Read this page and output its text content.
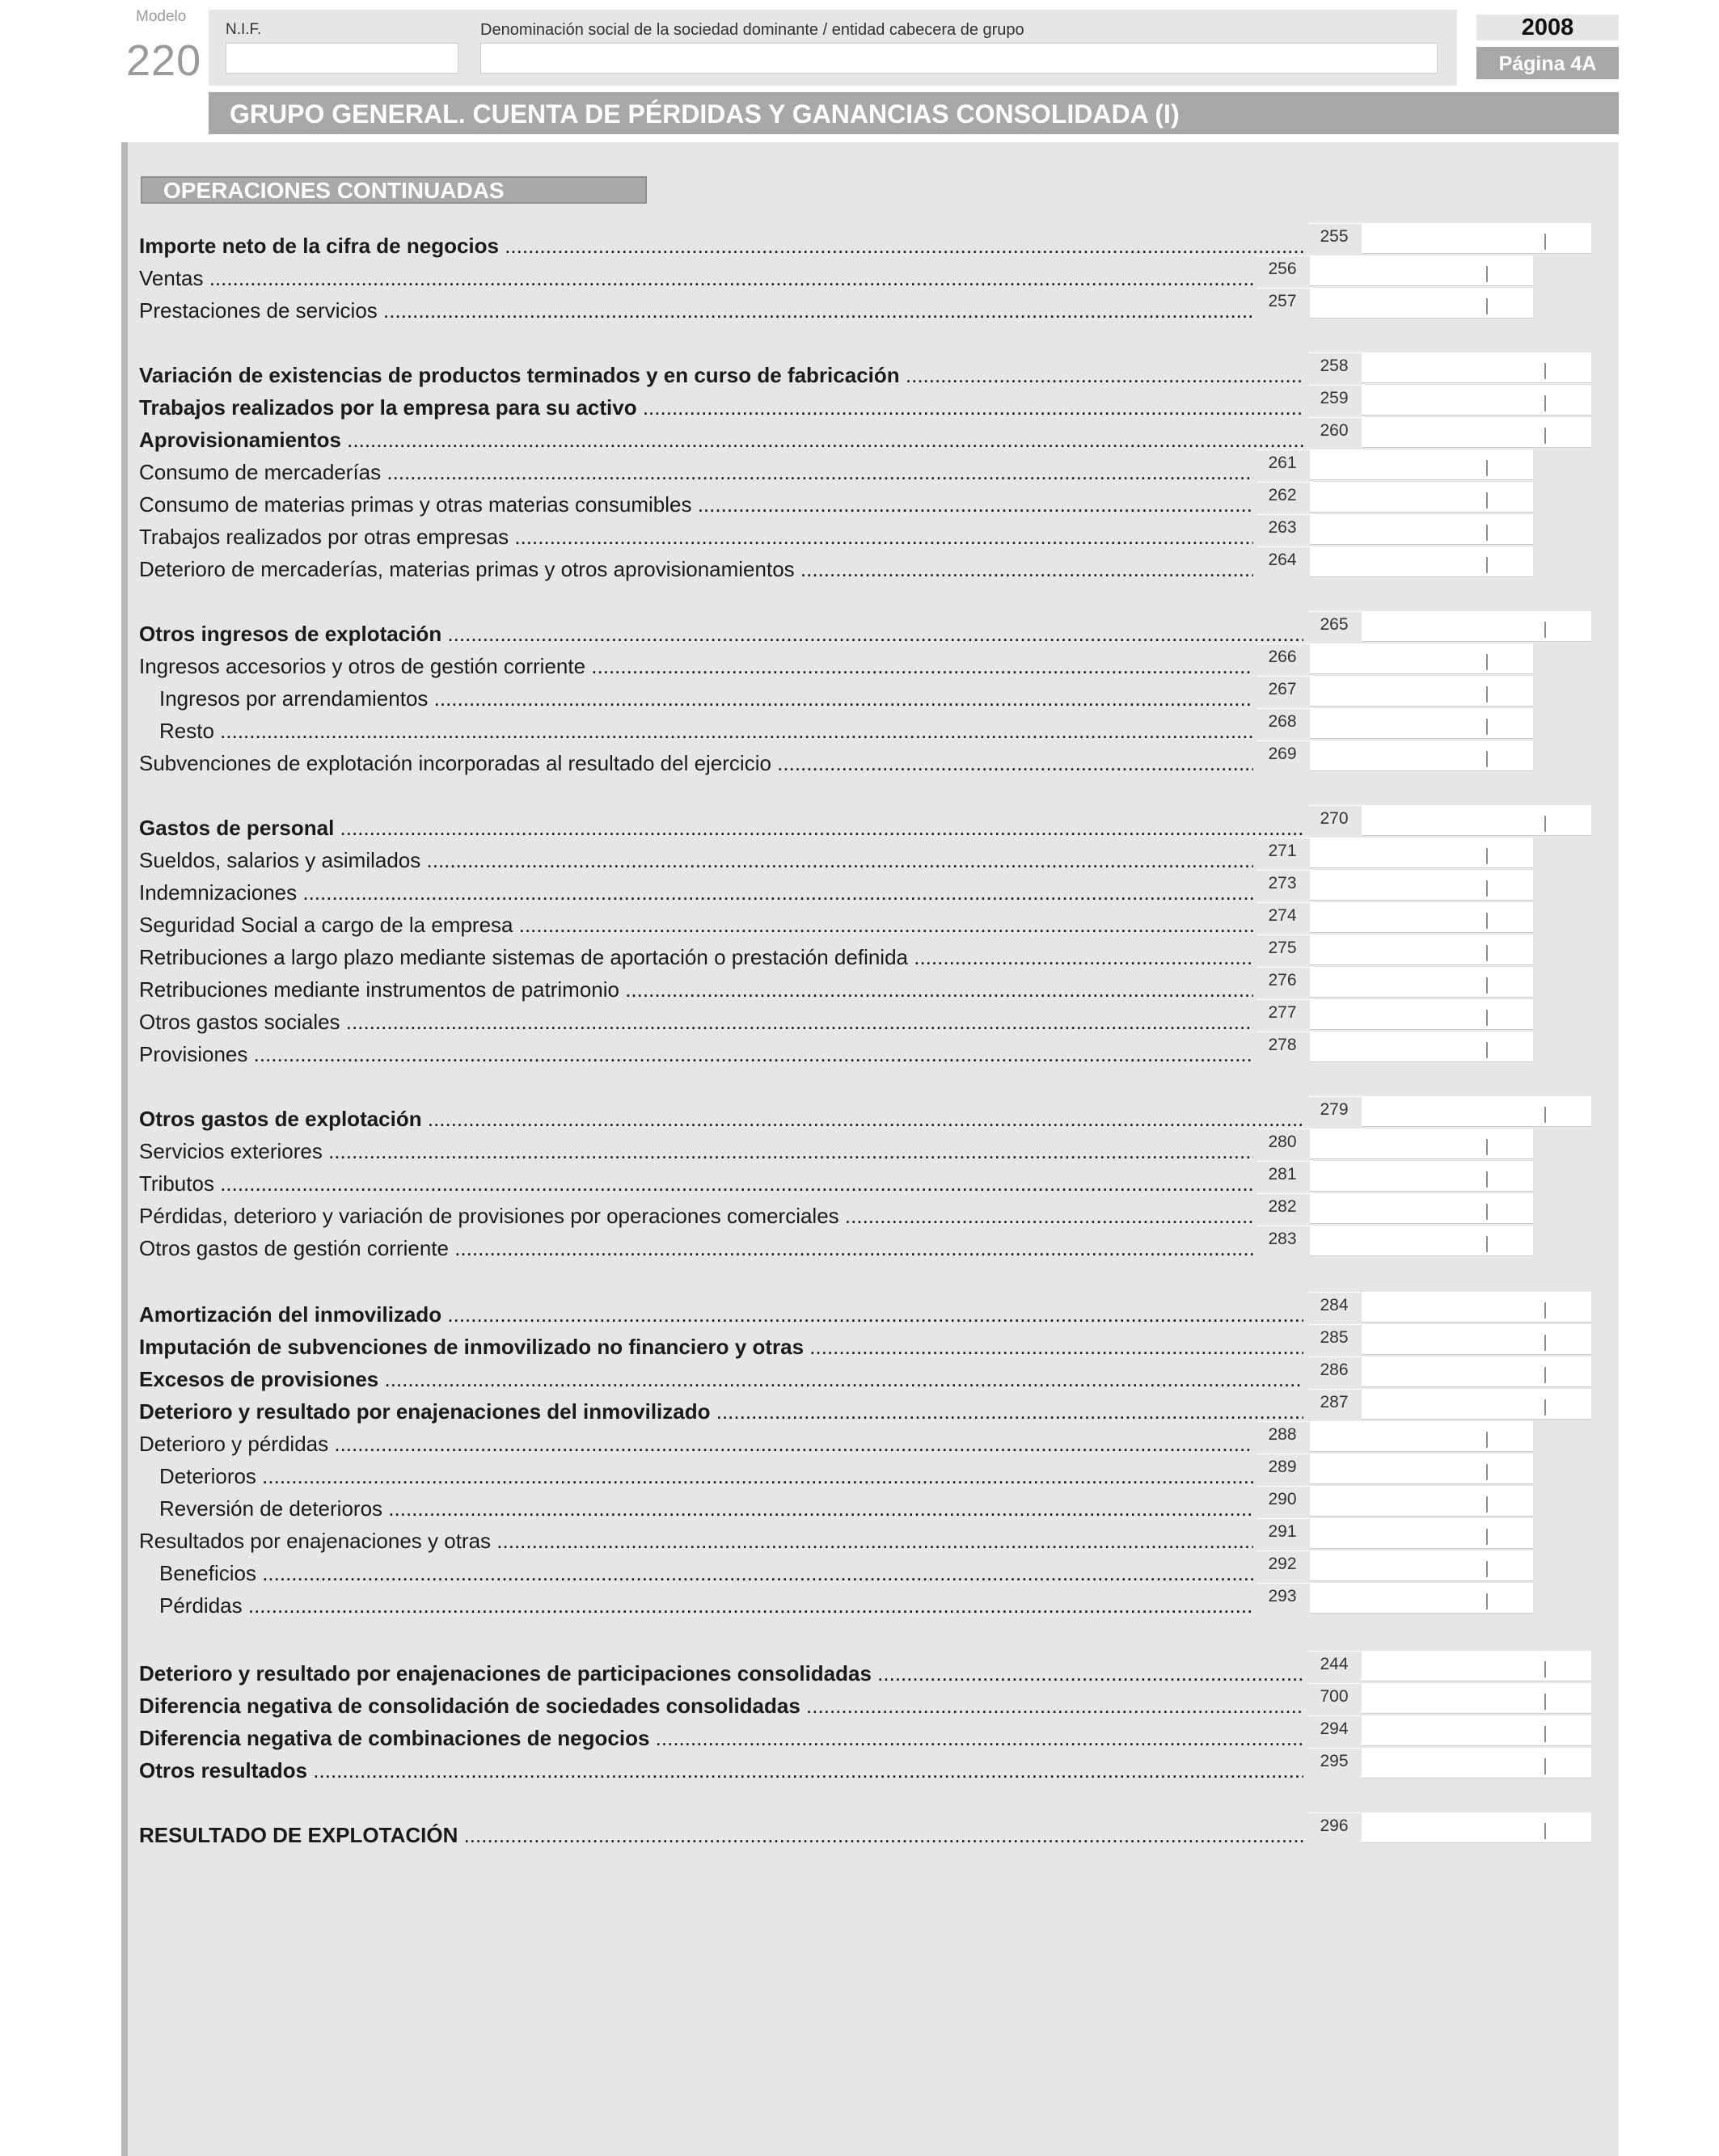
Modelo
220
N.I.F.	Denominación social de la sociedad dominante / entidad cabecera de grupo	2008
Página 4A
GRUPO GENERAL. CUENTA DE PÉRDIDAS Y GANANCIAS CONSOLIDADA (I)
OPERACIONES CONTINUADAS
Importe neto de la cifra de negocios .....	255
Ventas .....	256
Prestaciones de servicios .....	257
Variación de existencias de productos terminados y en curso de fabricación .....	258
Trabajos realizados por la empresa para su activo .....	259
Aprovisionamientos .....	260
Consumo de mercaderías .....	261
Consumo de materias primas y otras materias consumibles .....	262
Trabajos realizados por otras empresas .....	263
Deterioro de mercaderías, materias primas y otros aprovisionamientos .....	264
Otros ingresos de explotación .....	265
Ingresos accesorios y otros de gestión corriente .....	266
Ingresos por arrendamientos .....	267
Resto .....	268
Subvenciones de explotación incorporadas al resultado del ejercicio .....	269
Gastos de personal .....	270
Sueldos, salarios y asimilados .....	271
Indemnizaciones .....	273
Seguridad Social a cargo de la empresa .....	274
Retribuciones a largo plazo mediante sistemas de aportación o prestación definida .....	275
Retribuciones mediante instrumentos de patrimonio .....	276
Otros gastos sociales .....	277
Provisiones .....	278
Otros gastos de explotación .....	279
Servicios exteriores .....	280
Tributos .....	281
Pérdidas, deterioro y variación de provisiones por operaciones comerciales .....	282
Otros gastos de gestión corriente .....	283
Amortización del inmovilizado .....	284
Imputación de subvenciones de inmovilizado no financiero y otras .....	285
Excesos de provisiones .....	286
Deterioro y resultado por enajenaciones del inmovilizado .....	287
Deterioro y pérdidas .....	288
Deterioros .....	289
Reversión de deterioros .....	290
Resultados por enajenaciones y otras .....	291
Beneficios .....	292
Pérdidas .....	293
Deterioro y resultado por enajenaciones de participaciones consolidadas .....	244
Diferencia negativa de consolidación de sociedades consolidadas .....	700
Diferencia negativa de combinaciones de negocios .....	294
Otros resultados .....	295
RESULTADO DE EXPLOTACIÓN .....	296
